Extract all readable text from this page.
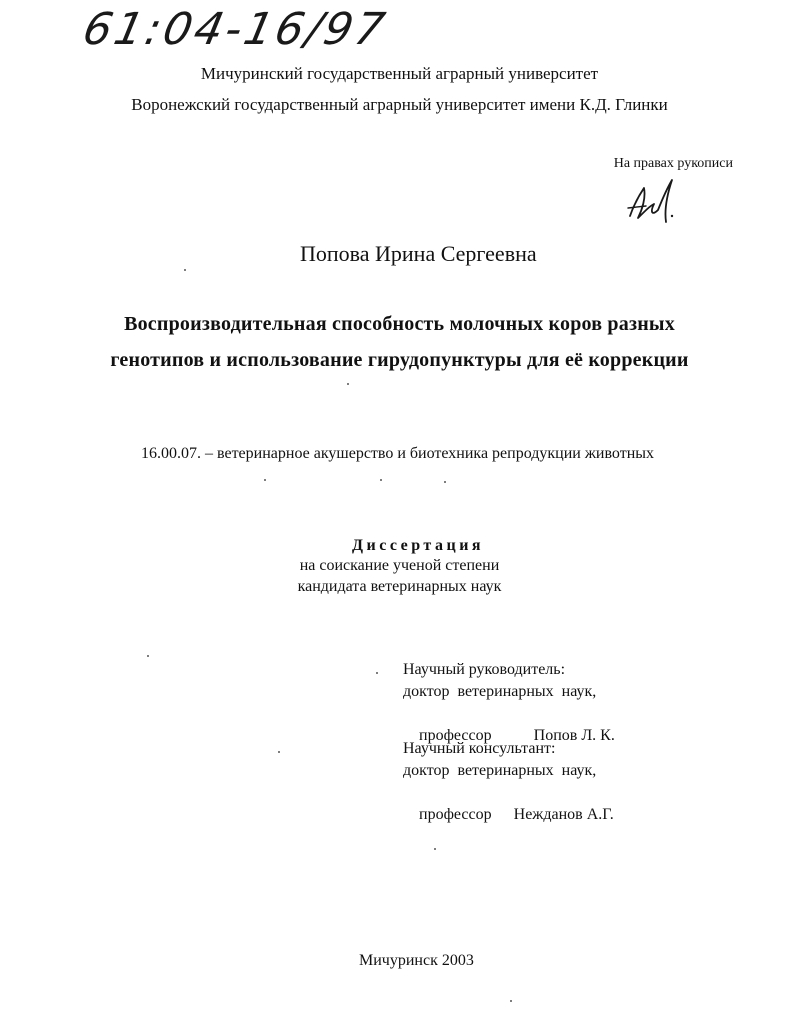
61:04-16/97
Мичуринский государственный аграрный университет
Воронежский государственный аграрный университет имени К.Д. Глинки
На правах рукописи
Попова Ирина Сергеевна
Воспроизводительная способность молочных коров разных
генотипов и использование гирудопунктуры для её коррекции
16.00.07. – ветеринарное акушерство и биотехника репродукции животных
Диссертация
на соискание ученой степени
кандидата ветеринарных наук
Научный руководитель:
доктор  ветеринарных  наук,

профессор	Попов Л. К.

Научный консультант:
доктор  ветеринарных  наук,

профессор Нежданов А.Г.

Мичуринск 2003
